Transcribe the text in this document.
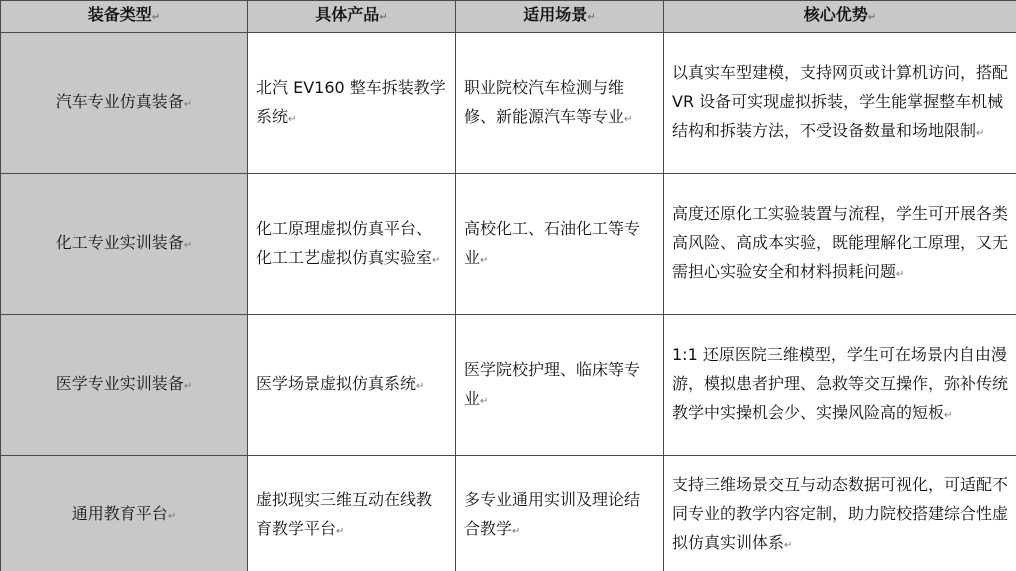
装备类型↵	具体产品↵	适用场景↵	核心优势↵
汽车专业仿真装备↵	北汽 EV160 整车拆装教学系统↵	职业院校汽车检测与维修、新能源汽车等专业↵	以真实车型建模，支持网页或计算机访问，搭配 VR 设备可实现虚拟拆装，学生能掌握整车机械结构和拆装方法，不受设备数量和场地限制↵

化工专业实训装备↵	化工原理虚拟仿真平台、化工工艺虚拟仿真实验室↵	高校化工、石油化工等专业↵	高度还原化工实验装置与流程，学生可开展各类高风险、高成本实验，既能理解化工原理，又无需担心实验安全和材料损耗问题↵

医学专业实训装备↵	医学场景虚拟仿真系统↵	医学院校护理、临床等专业↵	1:1 还原医院三维模型，学生可在场景内自由漫游，模拟患者护理、急救等交互操作，弥补传统教学中实操机会少、实操风险高的短板↵

通用教育平台↵	虚拟现实三维互动在线教育教学平台↵	多专业通用实训及理论结合教学↵	支持三维场景交互与动态数据可视化，可适配不同专业的教学内容定制，助力院校搭建综合性虚拟仿真实训体系↵
